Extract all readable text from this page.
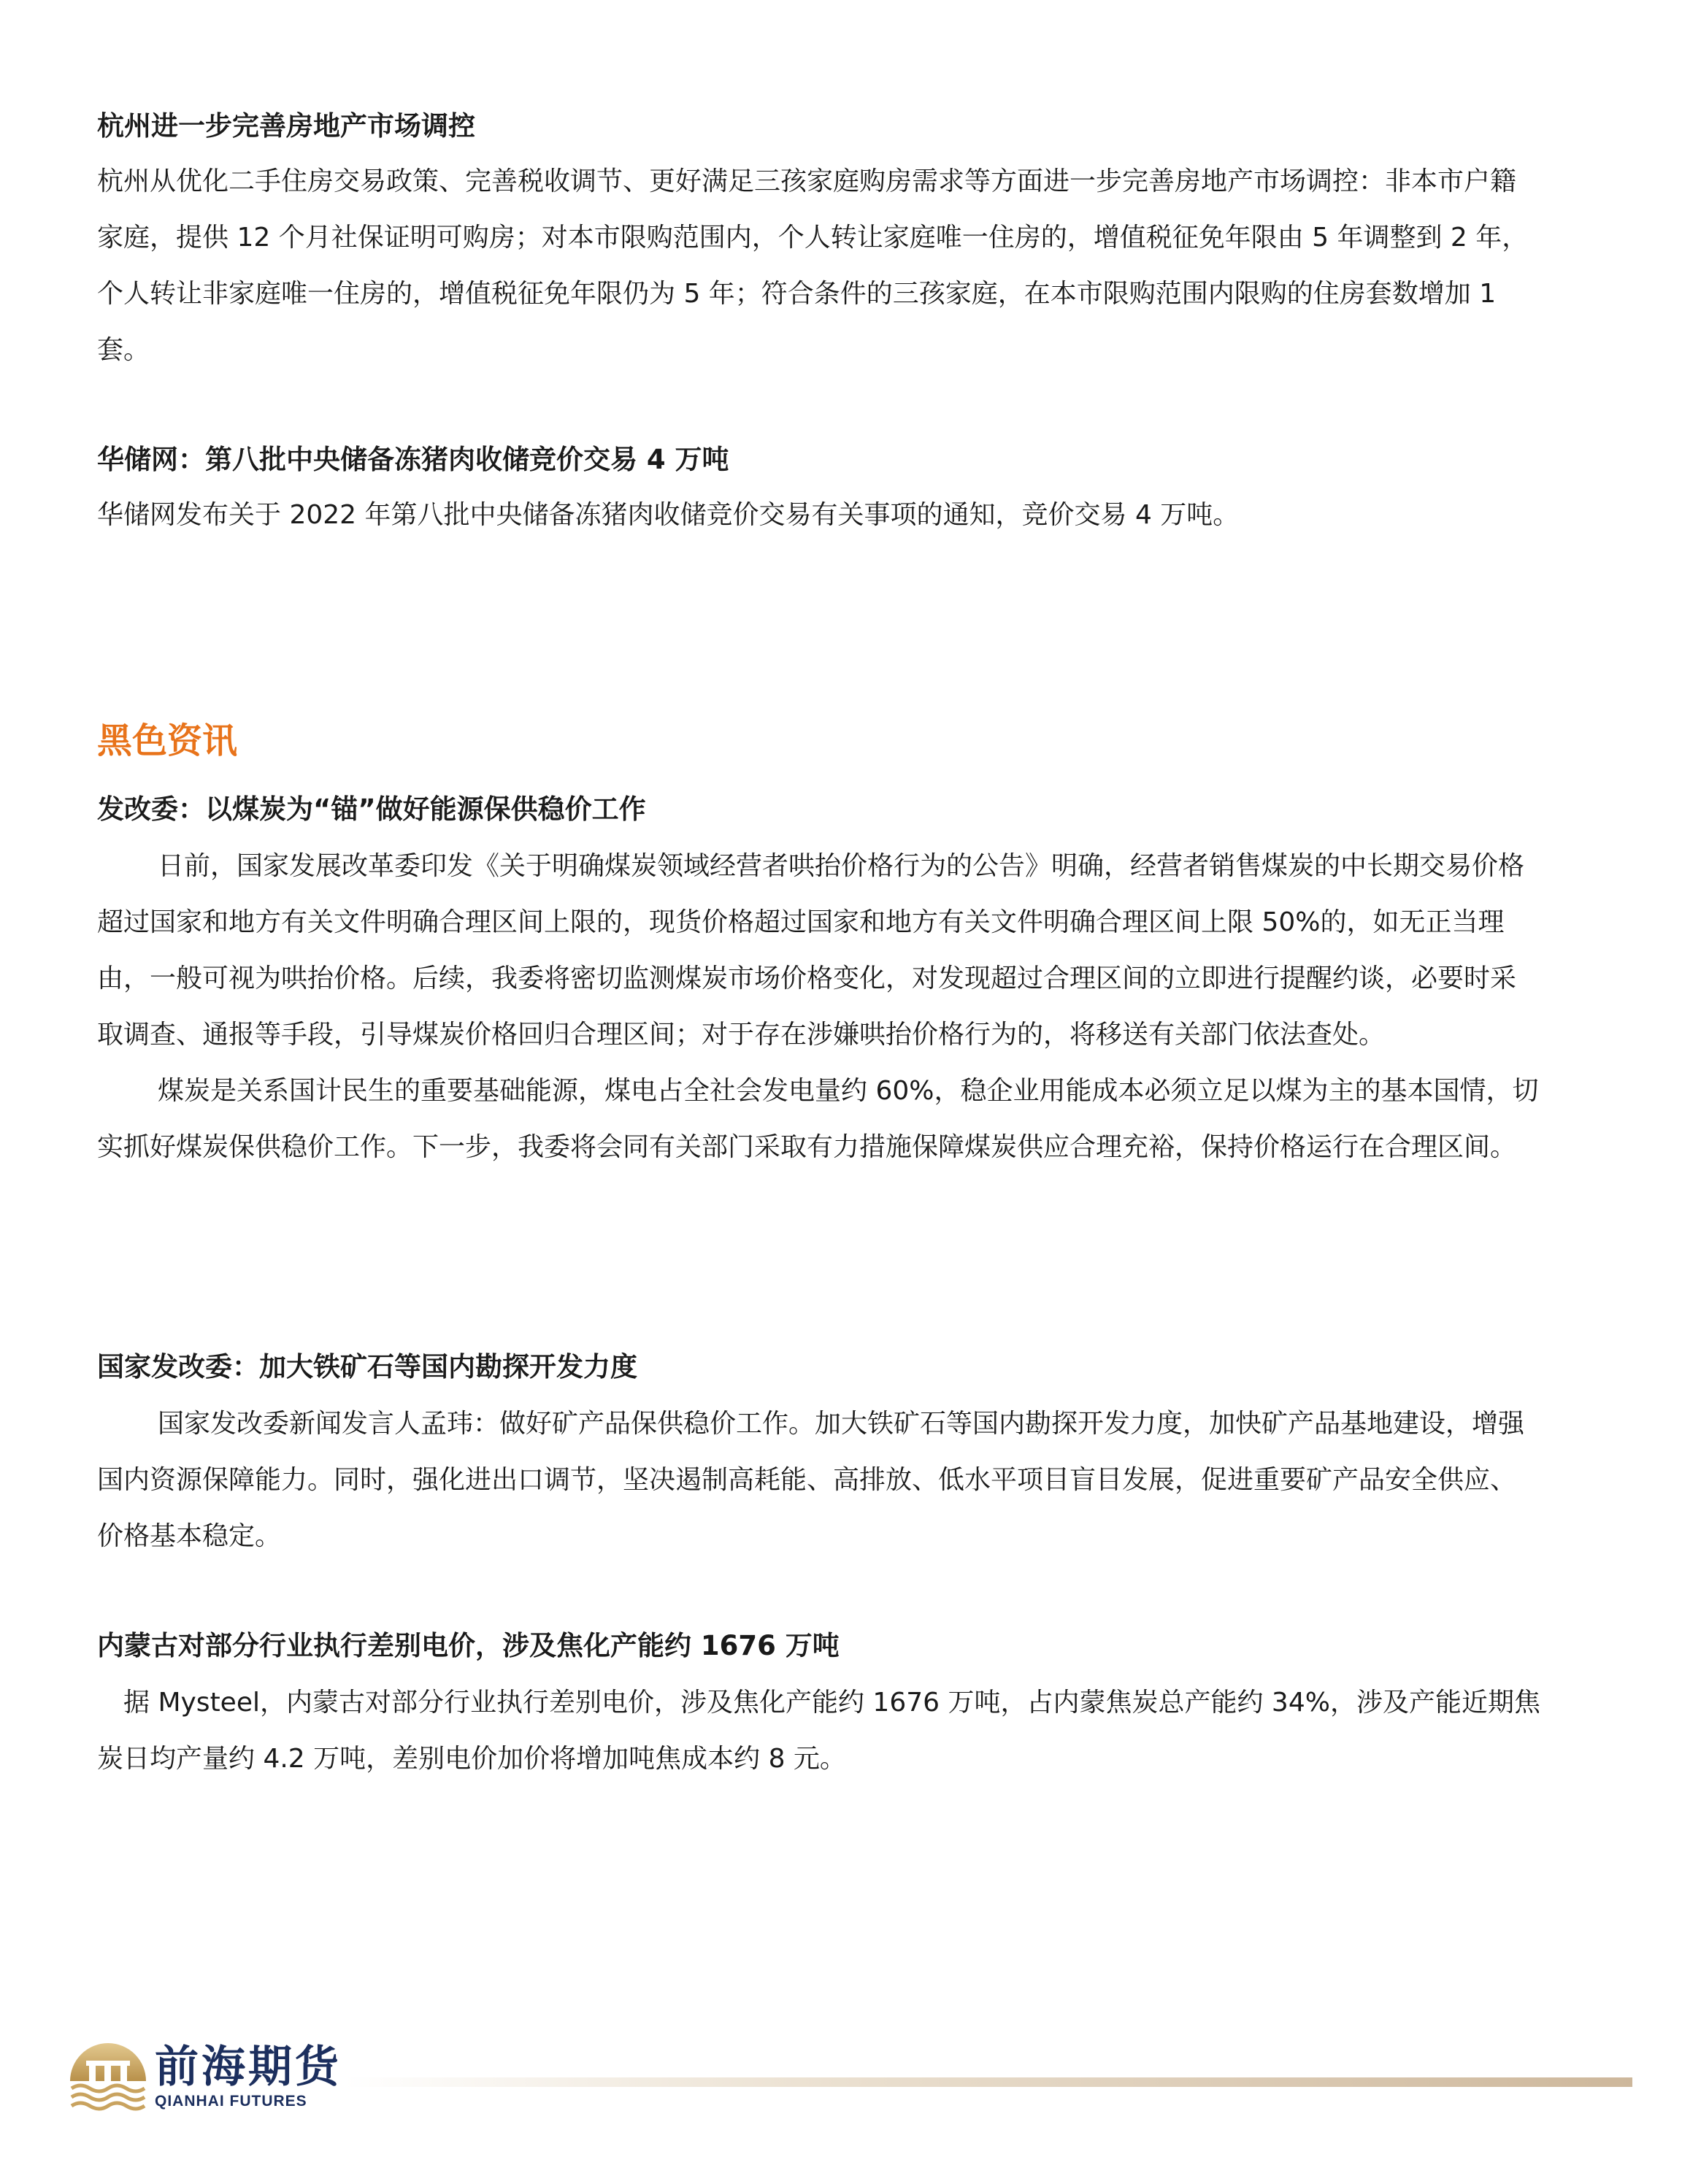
杭州进一步完善房地产市场调控

杭州从优化二手住房交易政策、完善税收调节、更好满足三孩家庭购房需求等方面进一步完善房地产市场调控：非本市户籍家庭，提供 12 个月社保证明可购房；对本市限购范围内，个人转让家庭唯一住房的，增值税征免年限由 5 年调整到 2 年，个人转让非家庭唯一住房的，增值税征免年限仍为 5 年；符合条件的三孩家庭，在本市限购范围内限购的住房套数增加 1 套。

华储网：第八批中央储备冻猪肉收储竞价交易 4 万吨

华储网发布关于 2022 年第八批中央储备冻猪肉收储竞价交易有关事项的通知，竞价交易 4 万吨。

黑色资讯
发改委：以煤炭为“锚”做好能源保供稳价工作

日前，国家发展改革委印发《关于明确煤炭领域经营者哄抬价格行为的公告》明确，经营者销售煤炭的中长期交易价格超过国家和地方有关文件明确合理区间上限的，现货价格超过国家和地方有关文件明确合理区间上限 50%的，如无正当理由，一般可视为哄抬价格。后续，我委将密切监测煤炭市场价格变化，对发现超过合理区间的立即进行提醒约谈，必要时采取调查、通报等手段，引导煤炭价格回归合理区间；对于存在涉嫌哄抬价格行为的，将移送有关部门依法查处。

煤炭是关系国计民生的重要基础能源，煤电占全社会发电量约 60%，稳企业用能成本必须立足以煤为主的基本国情，切实抓好煤炭保供稳价工作。下一步，我委将会同有关部门采取有力措施保障煤炭供应合理充裕，保持价格运行在合理区间。

国家发改委：加大铁矿石等国内勘探开发力度

国家发改委新闻发言人孟玮：做好矿产品保供稳价工作。加大铁矿石等国内勘探开发力度，加快矿产品基地建设，增强国内资源保障能力。同时，强化进出口调节，坚决遏制高耗能、高排放、低水平项目盲目发展，促进重要矿产品安全供应、价格基本稳定。

内蒙古对部分行业执行差别电价，涉及焦化产能约 1676 万吨

据 Mysteel，内蒙古对部分行业执行差别电价，涉及焦化产能约 1676 万吨，占内蒙焦炭总产能约 34%，涉及产能近期焦炭日均产量约 4.2 万吨，差别电价加价将增加吨焦成本约 8 元。

前海期货
QIANHAI FUTURES
